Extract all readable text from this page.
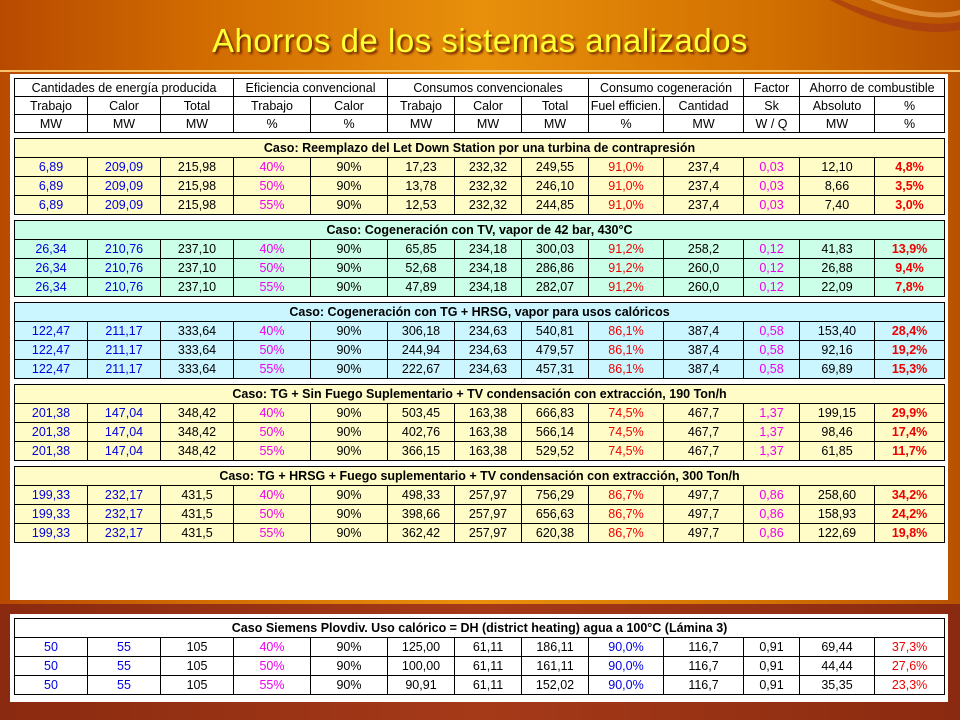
Ahorros de los sistemas analizados
Cantidades de energía producida			Eficiencia convencional		Consumos convencionales			Consumo cogeneración		Factor	Ahorro de combustible	
Trabajo	Calor	Total	Trabajo	Calor	Trabajo	Calor	Total	Fuel efficien.	Cantidad	Sk	Absoluto	%
MW	MW	MW	%	%	MW	MW	MW	%	MW	W / Q	MW	%

Caso: Reemplazo del Let Down Station por una turbina de contrapresión												
6,89	209,09	215,98	40%	90%	17,23	232,32	249,55	91,0%	237,4	0,03	12,10	4,8%
6,89	209,09	215,98	50%	90%	13,78	232,32	246,10	91,0%	237,4	0,03	8,66	3,5%
6,89	209,09	215,98	55%	90%	12,53	232,32	244,85	91,0%	237,4	0,03	7,40	3,0%

Caso: Cogeneración con TV, vapor de 42 bar, 430°C												
26,34	210,76	237,10	40%	90%	65,85	234,18	300,03	91,2%	258,2	0,12	41,83	13,9%
26,34	210,76	237,10	50%	90%	52,68	234,18	286,86	91,2%	260,0	0,12	26,88	9,4%
26,34	210,76	237,10	55%	90%	47,89	234,18	282,07	91,2%	260,0	0,12	22,09	7,8%

Caso: Cogeneración con TG + HRSG, vapor para usos calóricos												
122,47	211,17	333,64	40%	90%	306,18	234,63	540,81	86,1%	387,4	0,58	153,40	28,4%
122,47	211,17	333,64	50%	90%	244,94	234,63	479,57	86,1%	387,4	0,58	92,16	19,2%
122,47	211,17	333,64	55%	90%	222,67	234,63	457,31	86,1%	387,4	0,58	69,89	15,3%

Caso: TG + Sin Fuego Suplementario + TV condensación con extracción, 190 Ton/h												
201,38	147,04	348,42	40%	90%	503,45	163,38	666,83	74,5%	467,7	1,37	199,15	29,9%
201,38	147,04	348,42	50%	90%	402,76	163,38	566,14	74,5%	467,7	1,37	98,46	17,4%
201,38	147,04	348,42	55%	90%	366,15	163,38	529,52	74,5%	467,7	1,37	61,85	11,7%

Caso: TG + HRSG + Fuego suplementario + TV condensación con extracción, 300 Ton/h												
199,33	232,17	431,5	40%	90%	498,33	257,97	756,29	86,7%	497,7	0,86	258,60	34,2%
199,33	232,17	431,5	50%	90%	398,66	257,97	656,63	86,7%	497,7	0,86	158,93	24,2%
199,33	232,17	431,5	55%	90%	362,42	257,97	620,38	86,7%	497,7	0,86	122,69	19,8%
Caso Siemens Plovdiv. Uso calórico = DH (district heating) agua a 100°C (Lámina 3)												
50	55	105	40%	90%	125,00	61,11	186,11	90,0%	116,7	0,91	69,44	37,3%
50	55	105	50%	90%	100,00	61,11	161,11	90,0%	116,7	0,91	44,44	27,6%
50	55	105	55%	90%	90,91	61,11	152,02	90,0%	116,7	0,91	35,35	23,3%
